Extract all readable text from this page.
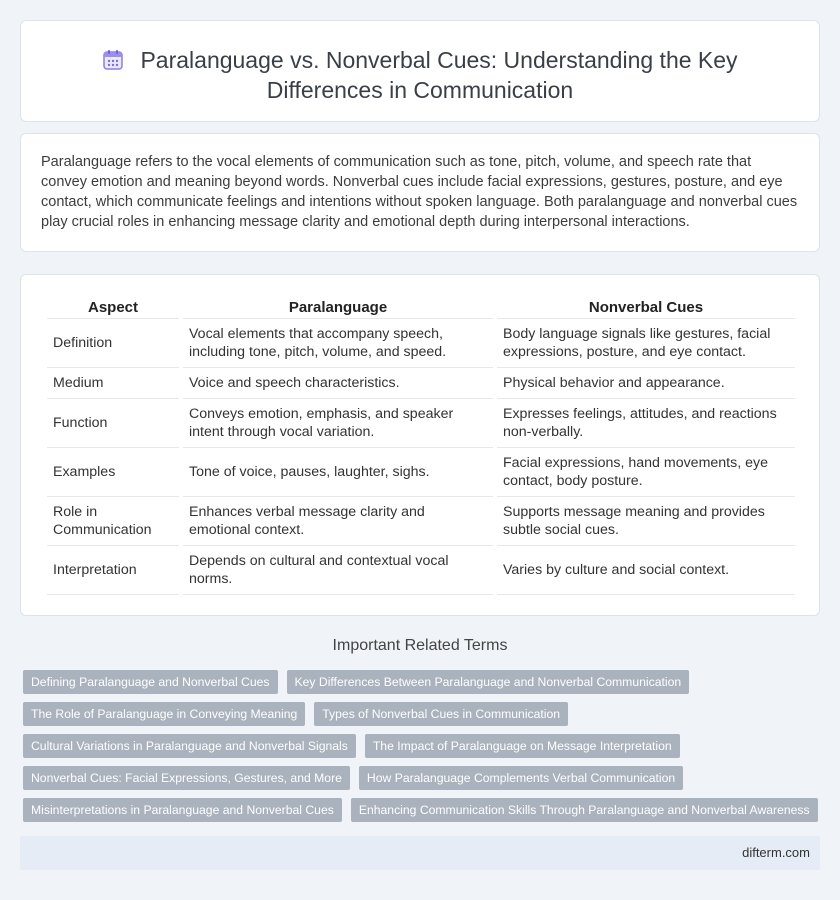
Paralanguage vs. Nonverbal Cues: Understanding the Key Differences in Communication

Paralanguage refers to the vocal elements of communication such as tone, pitch, volume, and speech rate that convey emotion and meaning beyond words. Nonverbal cues include facial expressions, gestures, posture, and eye contact, which communicate feelings and intentions without spoken language. Both paralanguage and nonverbal cues play crucial roles in enhancing message clarity and emotional depth during interpersonal interactions.

Aspect	Paralanguage	Nonverbal Cues
Definition	Vocal elements that accompany speech, including tone, pitch, volume, and speed.	Body language signals like gestures, facial expressions, posture, and eye contact.
Medium	Voice and speech characteristics.	Physical behavior and appearance.
Function	Conveys emotion, emphasis, and speaker intent through vocal variation.	Expresses feelings, attitudes, and reactions non-verbally.
Examples	Tone of voice, pauses, laughter, sighs.	Facial expressions, hand movements, eye contact, body posture.
Role in Communication	Enhances verbal message clarity and emotional context.	Supports message meaning and provides subtle social cues.
Interpretation	Depends on cultural and contextual vocal norms.	Varies by culture and social context.
Important Related Terms
Defining Paralanguage and Nonverbal Cues	Key Differences Between Paralanguage and Nonverbal Communication
The Role of Paralanguage in Conveying Meaning	Types of Nonverbal Cues in Communication
Cultural Variations in Paralanguage and Nonverbal Signals	The Impact of Paralanguage on Message Interpretation
Nonverbal Cues: Facial Expressions, Gestures, and More	How Paralanguage Complements Verbal Communication
Misinterpretations in Paralanguage and Nonverbal Cues	Enhancing Communication Skills Through Paralanguage and Nonverbal Awareness
difterm.com
